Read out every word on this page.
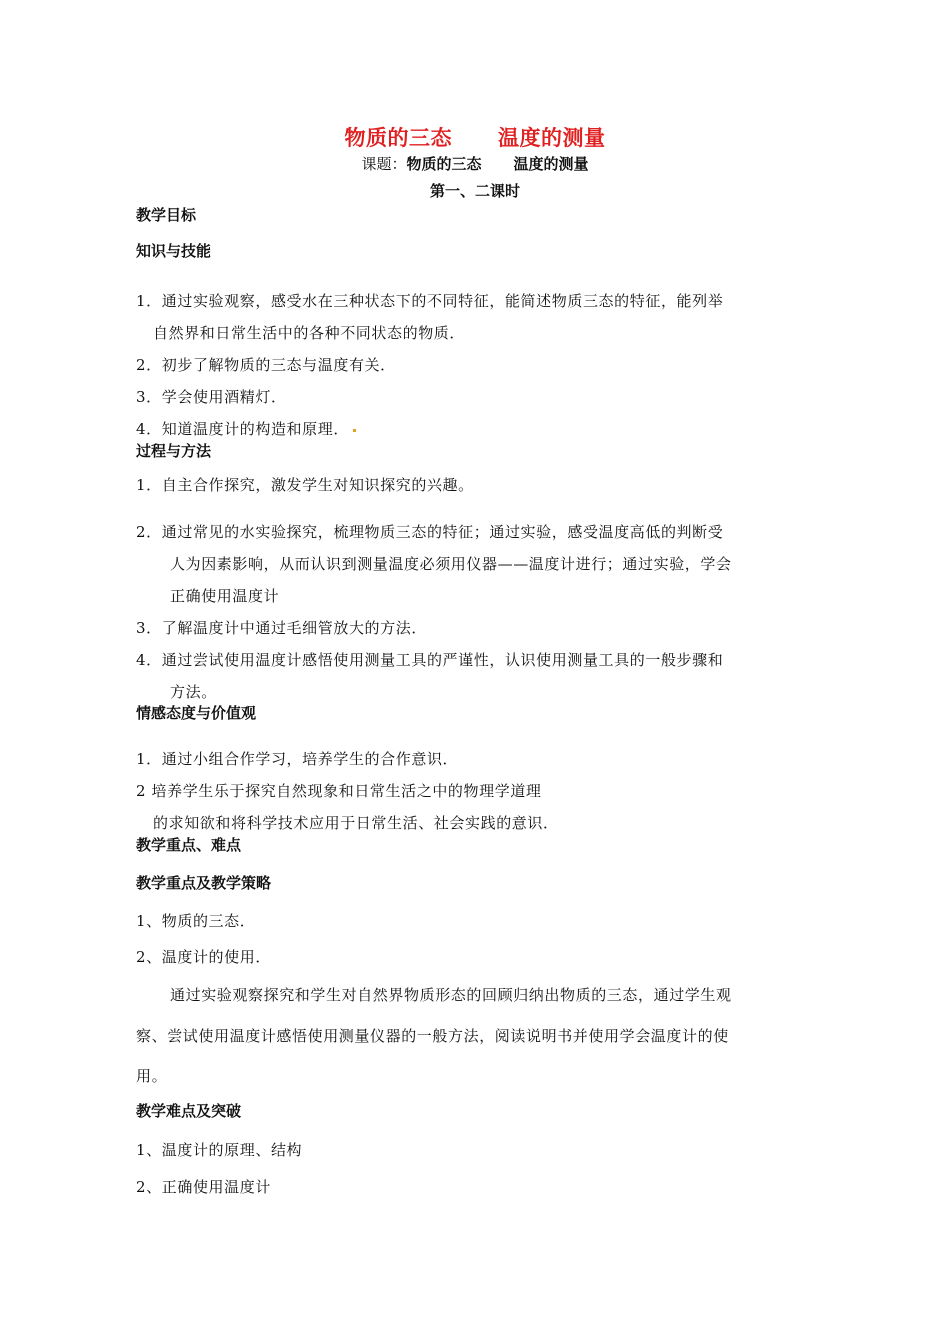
物质的三态 温度的测量
课题：物质的三态 温度的测量
第一、二课时
教学目标
知识与技能
1．通过实验观察，感受水在三种状态下的不同特征，能简述物质三态的特征，能列举
自然界和日常生活中的各种不同状态的物质．
2．初步了解物质的三态与温度有关．
3．学会使用酒精灯．
4．知道温度计的构造和原理．
过程与方法
1．自主合作探究，激发学生对知识探究的兴趣。
2．通过常见的水实验探究，梳理物质三态的特征；通过实验，感受温度高低的判断受
人为因素影响，从而认识到测量温度必须用仪器——温度计进行；通过实验，学会
正确使用温度计
3．了解温度计中通过毛细管放大的方法．
4．通过尝试使用温度计感悟使用测量工具的严谨性，认识使用测量工具的一般步骤和
方法。
情感态度与价值观
1．通过小组合作学习，培养学生的合作意识．
2 培养学生乐于探究自然现象和日常生活之中的物理学道理
的求知欲和将科学技术应用于日常生活、社会实践的意识．
教学重点、难点
教学重点及教学策略
1、物质的三态．
2、温度计的使用．
通过实验观察探究和学生对自然界物质形态的回顾归纳出物质的三态，通过学生观
察、尝试使用温度计感悟使用测量仪器的一般方法，阅读说明书并使用学会温度计的使
用。
教学难点及突破
1、温度计的原理、结构
2、正确使用温度计
